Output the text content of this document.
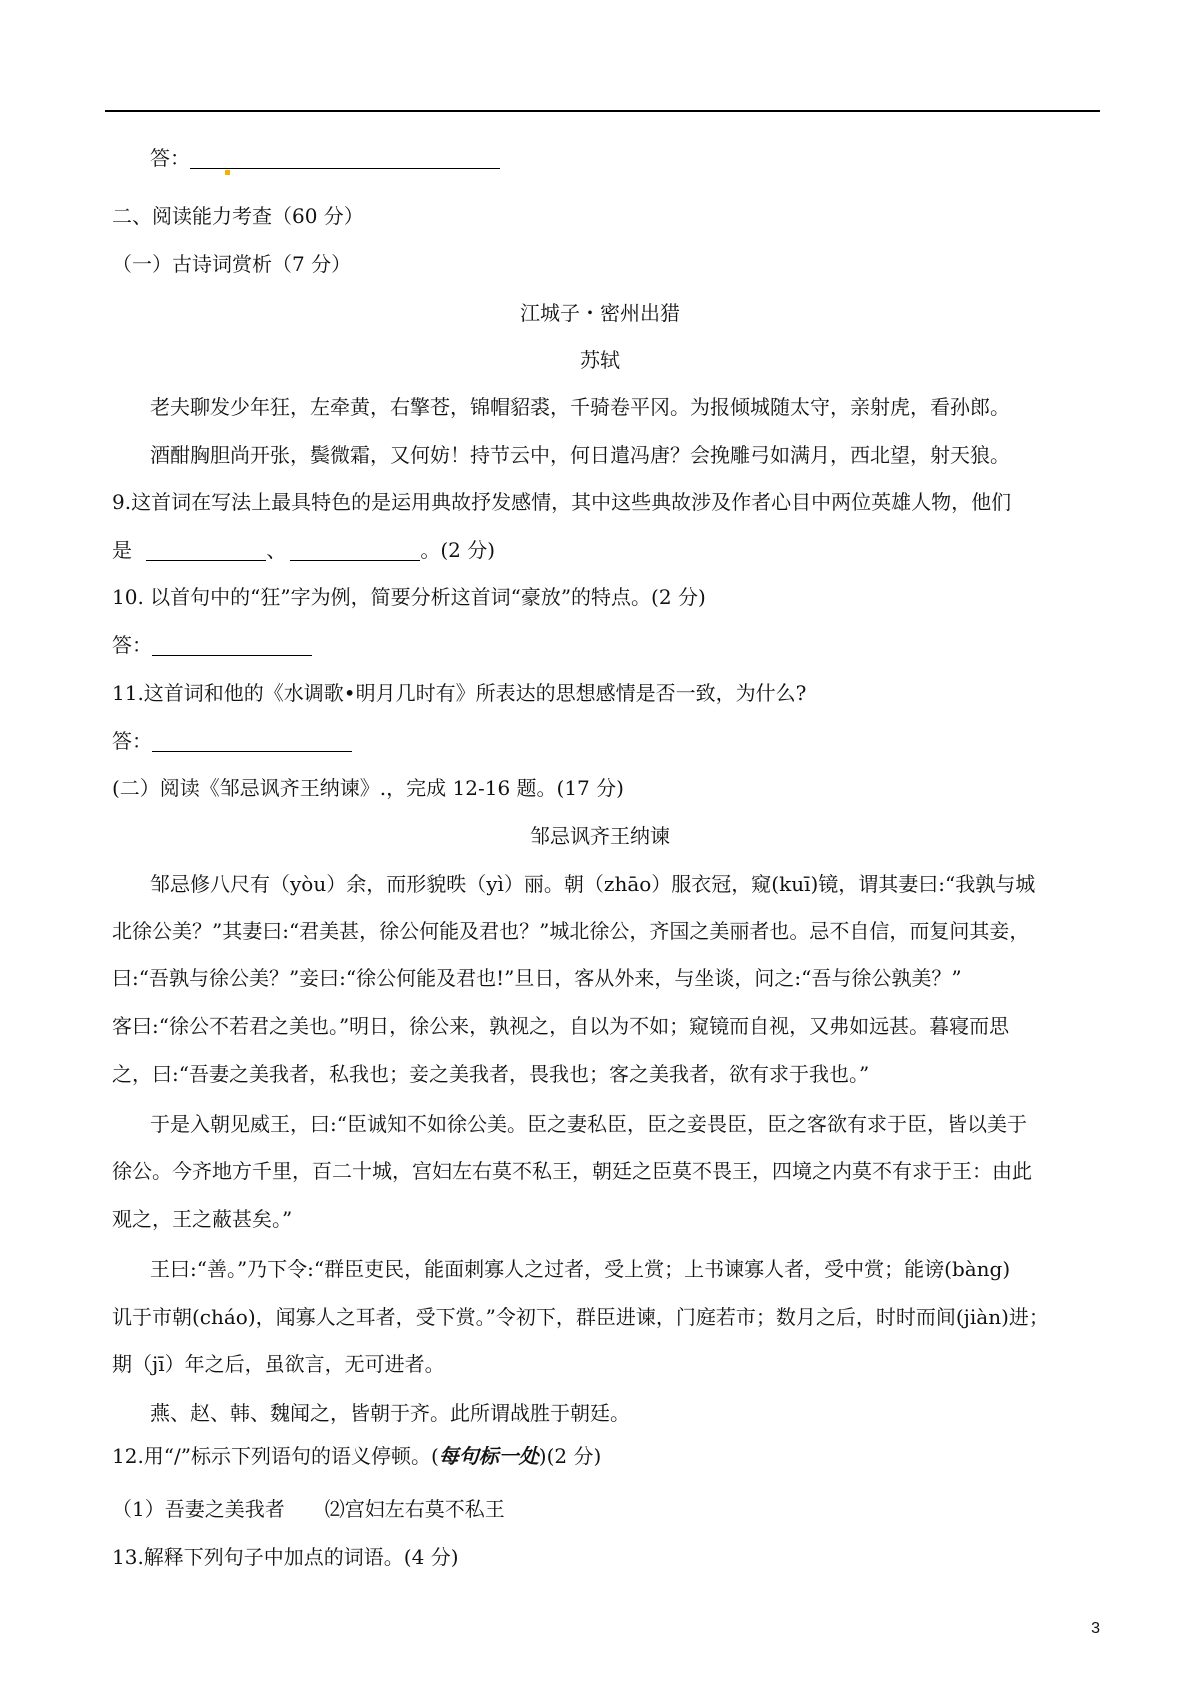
答：
二、阅读能力考查（60 分）
（一）古诗词赏析（7 分）
江城子・密州出猎
苏轼
老夫聊发少年狂，左牵黄，右擎苍，锦帽貂裘，千骑卷平冈。为报倾城随太守，亲射虎，看孙郎。
酒酣胸胆尚开张，鬓微霜，又何妨！持节云中，何日遣冯唐？会挽雕弓如满月，西北望，射天狼。
9.这首词在写法上最具特色的是运用典故抒发感情，其中这些典故涉及作者心目中两位英雄人物，他们
是	、	。(2 分)
10. 以首句中的“狂”字为例，简要分析这首词“豪放”的特点。(2 分)
答：
11.这首词和他的《水调歌•明月几时有》所表达的思想感情是否一致，为什么?
答：
(二）阅读《邹忌讽齐王纳谏》.，完成 12-16 题。(17 分)
邹忌讽齐王纳谏
邹忌修八尺有（yòu）余，而形貌昳（yì）丽。朝（zhāo）服衣冠，窥(kuī)镜，谓其妻曰:“我孰与城
北徐公美？”其妻曰:“君美甚，徐公何能及君也？”城北徐公，齐国之美丽者也。忌不自信，而复问其妾，
曰:“吾孰与徐公美？”妾曰:“徐公何能及君也!”旦日，客从外来，与坐谈，问之:“吾与徐公孰美？”
客曰:“徐公不若君之美也。”明日，徐公来，孰视之，自以为不如；窥镜而自视，又弗如远甚。暮寝而思
之，曰:“吾妻之美我者，私我也；妾之美我者，畏我也；客之美我者，欲有求于我也。”
于是入朝见威王，曰:“臣诚知不如徐公美。臣之妻私臣，臣之妾畏臣，臣之客欲有求于臣，皆以美于
徐公。今齐地方千里，百二十城，宫妇左右莫不私王，朝廷之臣莫不畏王，四境之内莫不有求于王：由此
观之，王之蔽甚矣。”
王曰:“善。”乃下令:“群臣吏民，能面刺寡人之过者，受上赏；上书谏寡人者，受中赏；能谤(bàng)
讥于市朝(cháo)，闻寡人之耳者，受下赏。”令初下，群臣进谏，门庭若市；数月之后，时时而间(jiàn)进；
期（jī）年之后，虽欲言，无可进者。
燕、赵、韩、魏闻之，皆朝于齐。此所谓战胜于朝廷。
12.用“/”标示下列语句的语义停顿。(每句标一处)(2 分)
（1）吾妻之美我者　　⑵宫妇左右莫不私王
13.解释下列句子中加点的词语。(4 分)
3
